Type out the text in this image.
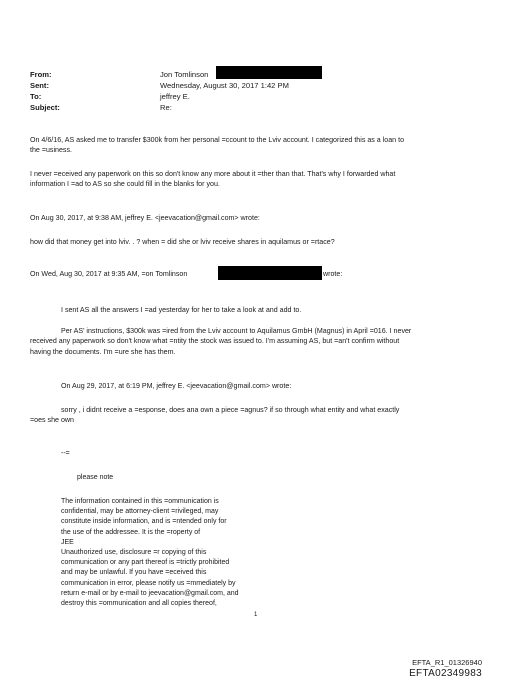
From:
Sent:
To:
Subject:
Jon Tomlinson
Wednesday, August 30, 2017 1:42 PM
jeffrey E.
Re:
On 4/6/16, AS asked me to transfer $300k from her personal =ccount to the Lviv account. I categorized this as a loan to
the =usiness.
I never =eceived any paperwork on this so don't know any more about it =ther than that. That's why I forwarded what
information I =ad to AS so she could fill in the blanks for you.
On Aug 30, 2017, at 9:38 AM, jeffrey E. <jeevacation@gmail.com> wrote:
how did that money get into lviv. . ? when = did she or lviv receive shares in aquilamus or =rtace?
On Wed, Aug 30, 2017 at 9:35 AM, =on Tomlinson	wrote:
I sent AS all the answers I =ad yesterday for her to take a look at and add to.
Per AS' instructions, $300k was =ired from the Lviv account to Aquilamus GmbH (Magnus) in April =016. I never
received any paperwork so don't know what =ntity the stock was issued to. I'm assuming AS, but =an't confirm without
having the documents. I'm =ure she has them.
On Aug 29, 2017, at 6:19 PM, jeffrey E. <jeevacation@gmail.com> wrote:
sorry , i didnt receive a =esponse, does ana own a piece =agnus? if so through what entity and what exactly
=oes she own
--=
please note
The information contained in this =ommunication is
confidential, may be attorney-client =rivileged, may
constitute inside information, and is =ntended only for
the use of the addressee. It is the =roperty of
JEE
Unauthorized use, disclosure =r copying of this
communication or any part thereof is =trictly prohibited
and may be unlawful. If you have =eceived this
communication in error, please notify us =mmediately by
return e-mail or by e-mail to jeevacation@gmail.com, and
destroy this =ommunication and all copies thereof,
1
EFTA_R1_01326940
EFTA02349983
